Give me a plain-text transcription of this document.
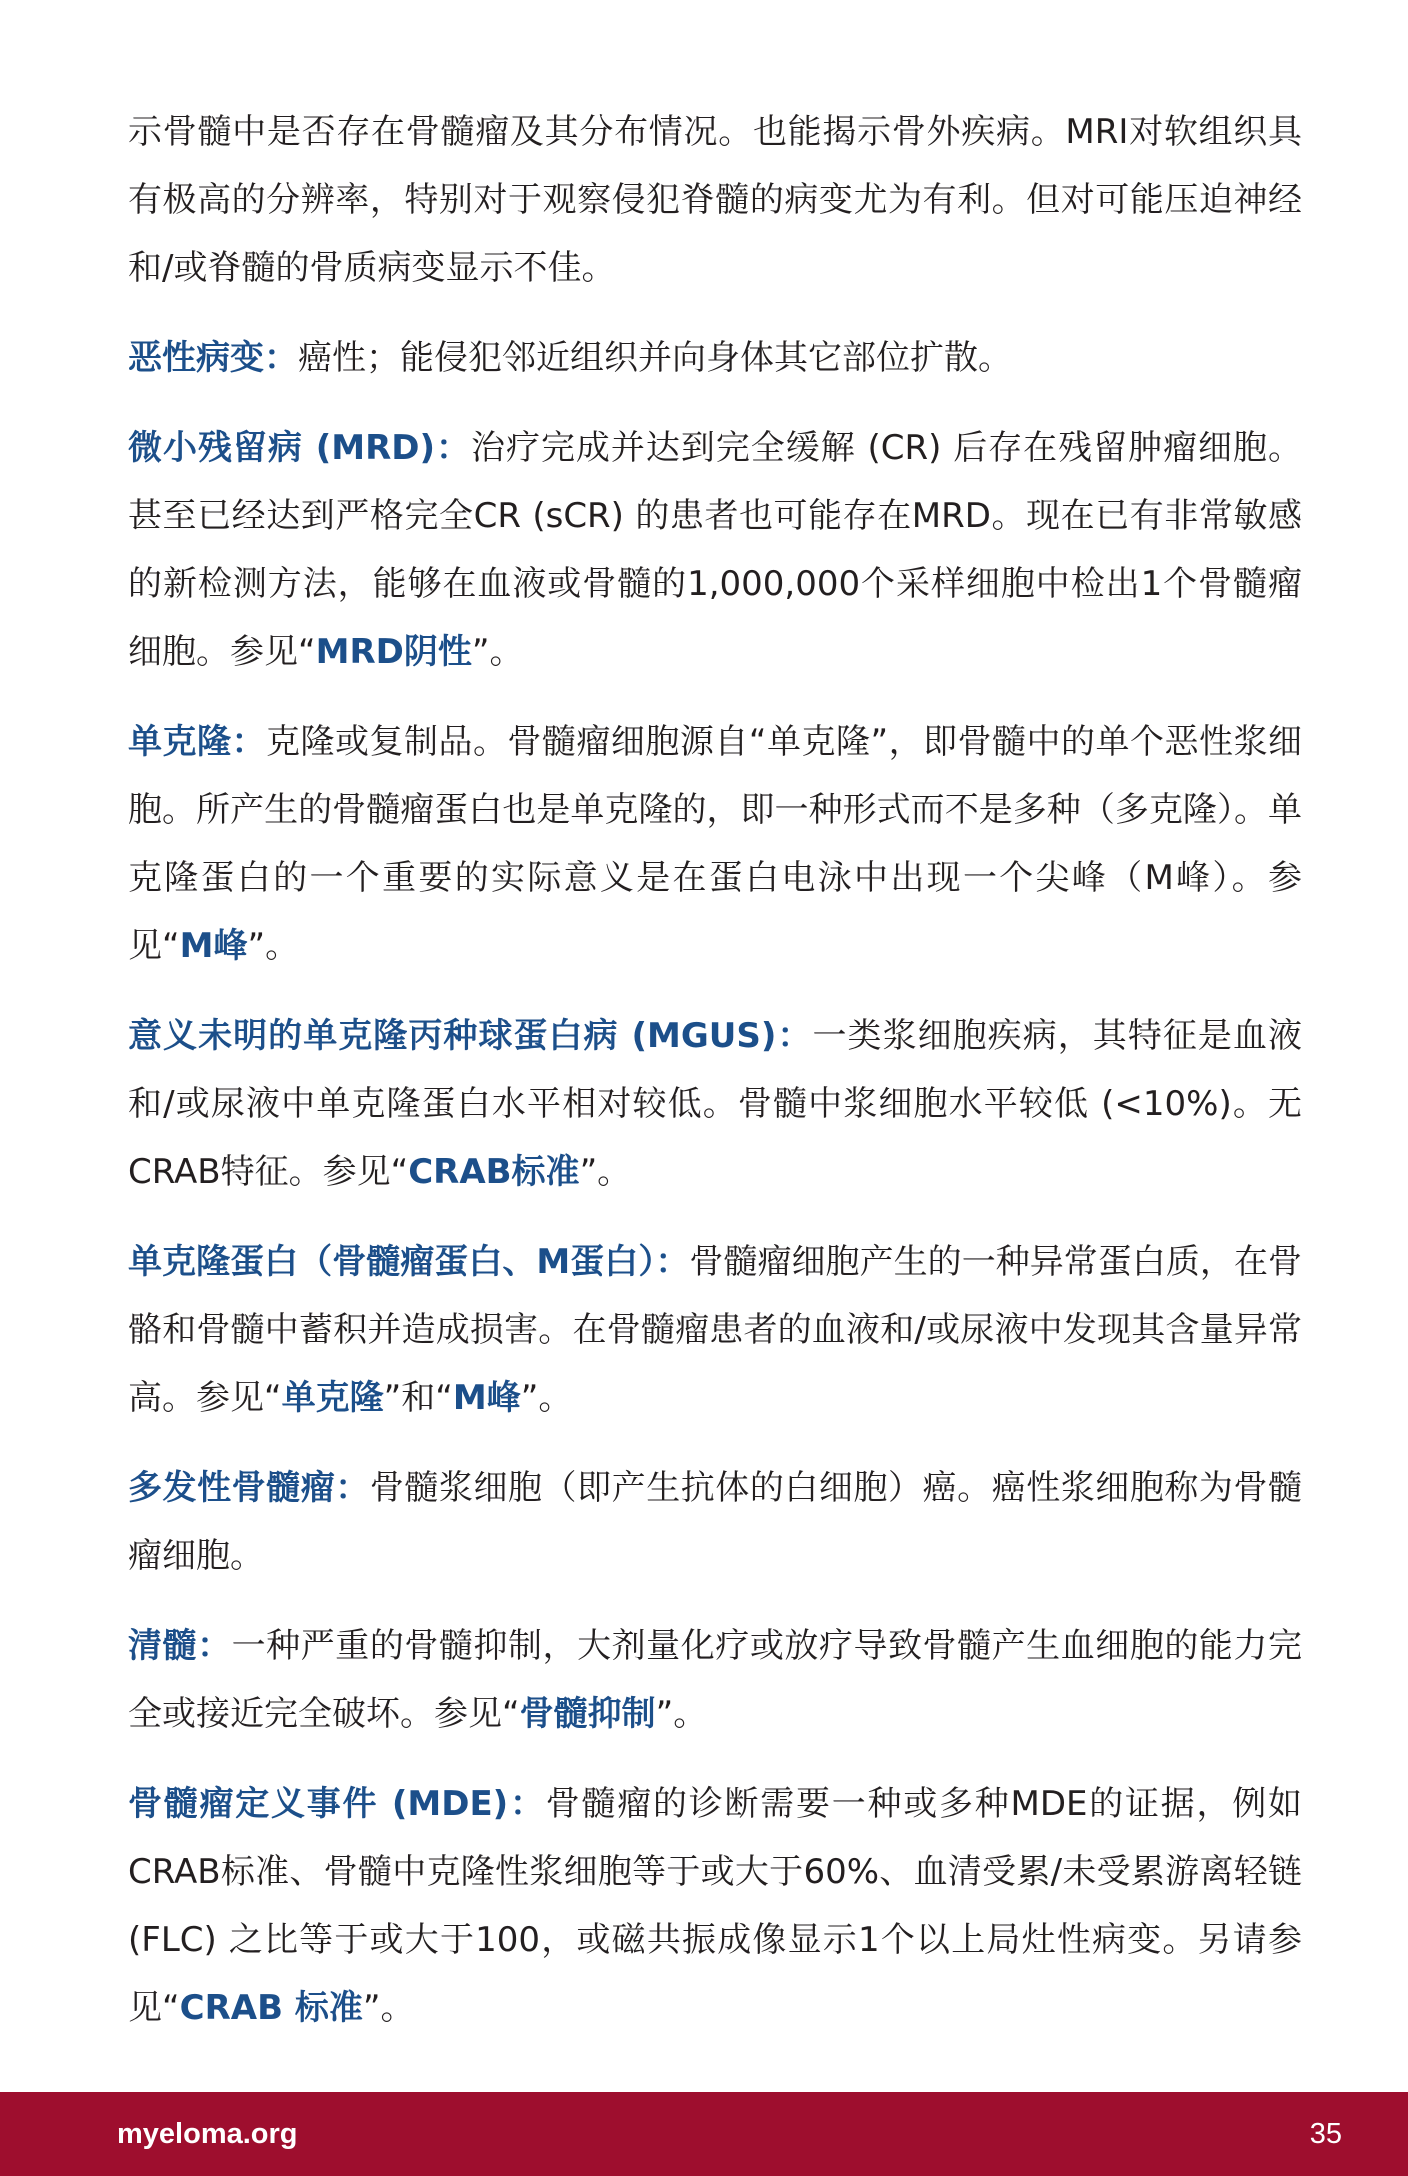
示骨髓中是否存在骨髓瘤及其分布情况。也能揭示骨外疾病。MRI对软组织具有极高的分辨率，特别对于观察侵犯脊髓的病变尤为有利。但对可能压迫神经和/或脊髓的骨质病变显示不佳。

恶性病变：癌性；能侵犯邻近组织并向身体其它部位扩散。

微小残留病 (MRD)：治疗完成并达到完全缓解 (CR) 后存在残留肿瘤细胞。甚至已经达到严格完全CR (sCR) 的患者也可能存在MRD。现在已有非常敏感的新检测方法，能够在血液或骨髓的1,000,000个采样细胞中检出1个骨髓瘤细胞。参见“MRD阴性”。

单克隆：克隆或复制品。骨髓瘤细胞源自“单克隆”，即骨髓中的单个恶性浆细胞。所产生的骨髓瘤蛋白也是单克隆的，即一种形式而不是多种（多克隆）。单克隆蛋白的一个重要的实际意义是在蛋白电泳中出现一个尖峰（M峰）。参见“M峰”。

意义未明的单克隆丙种球蛋白病 (MGUS)：一类浆细胞疾病，其特征是血液和/或尿液中单克隆蛋白水平相对较低。骨髓中浆细胞水平较低 (<10%)。无CRAB特征。参见“CRAB标准”。

单克隆蛋白（骨髓瘤蛋白、M蛋白）：骨髓瘤细胞产生的一种异常蛋白质，在骨骼和骨髓中蓄积并造成损害。在骨髓瘤患者的血液和/或尿液中发现其含量异常高。参见“单克隆”和“M峰”。

多发性骨髓瘤：骨髓浆细胞（即产生抗体的白细胞）癌。癌性浆细胞称为骨髓瘤细胞。

清髓：一种严重的骨髓抑制，大剂量化疗或放疗导致骨髓产生血细胞的能力完全或接近完全破坏。参见“骨髓抑制”。

骨髓瘤定义事件 (MDE)：骨髓瘤的诊断需要一种或多种MDE的证据，例如CRAB标准、骨髓中克隆性浆细胞等于或大于60%、血清受累/未受累游离轻链 (FLC) 之比等于或大于100，或磁共振成像显示1个以上局灶性病变。另请参见“CRAB 标准”。

myeloma.org	35
